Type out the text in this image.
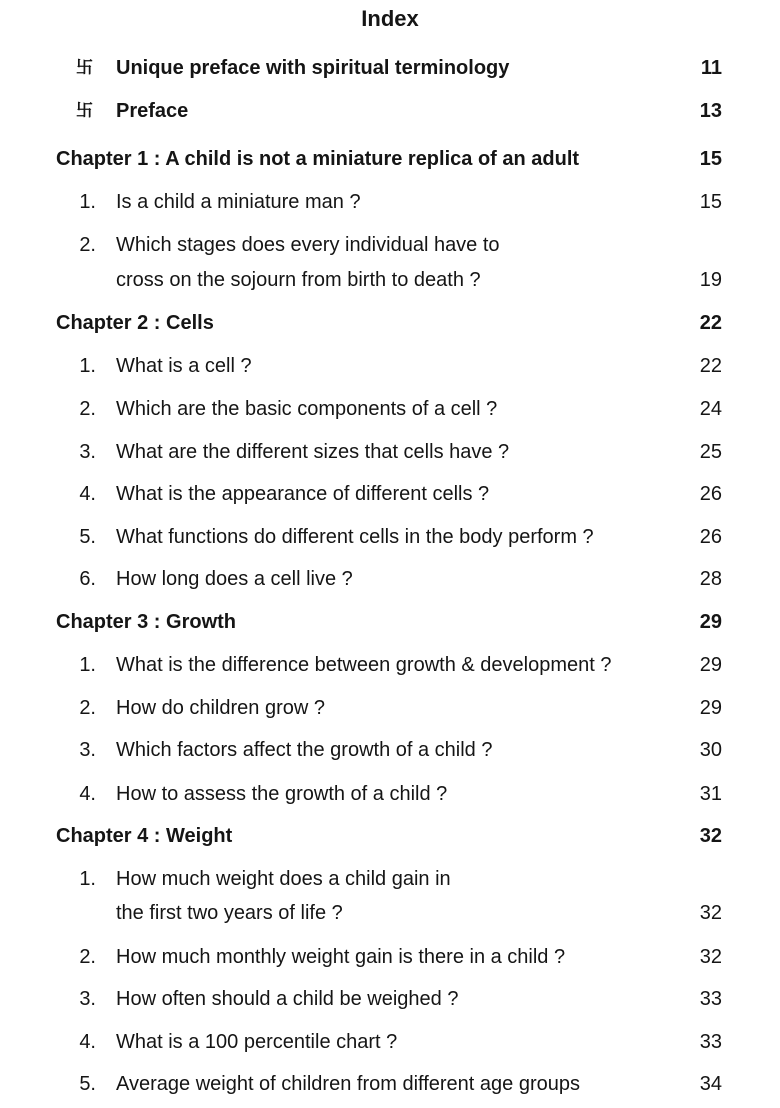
Index
卐 Unique preface with spiritual terminology	11
卐 Preface	13
Chapter 1 : A child is not a miniature replica of an adult	15
1. Is a child a miniature man ?	15
2. Which stages does every individual have to
cross on the sojourn from birth to death ?	19
Chapter 2 : Cells	22
1. What is a cell ?	22
2. Which are the basic components of a cell ?	24
3. What are the different sizes that cells have ?	25
4. What is the appearance of different cells ?	26
5. What functions do different cells in the body perform ?	26
6. How long does a cell live ?	28
Chapter 3 : Growth	29
1. What is the difference between growth & development ?	29
2. How do children grow ?	29
3. Which factors affect the growth of a child ?	30
4. How to assess the growth of a child ?	31
Chapter 4 : Weight	32
1. How much weight does a child gain in
the first two years of life ?	32
2. How much monthly weight gain is there in a child ?	32
3. How often should a child be weighed ?	33
4. What is a 100 percentile chart ?	33
5. Average weight of children from different age groups	34
